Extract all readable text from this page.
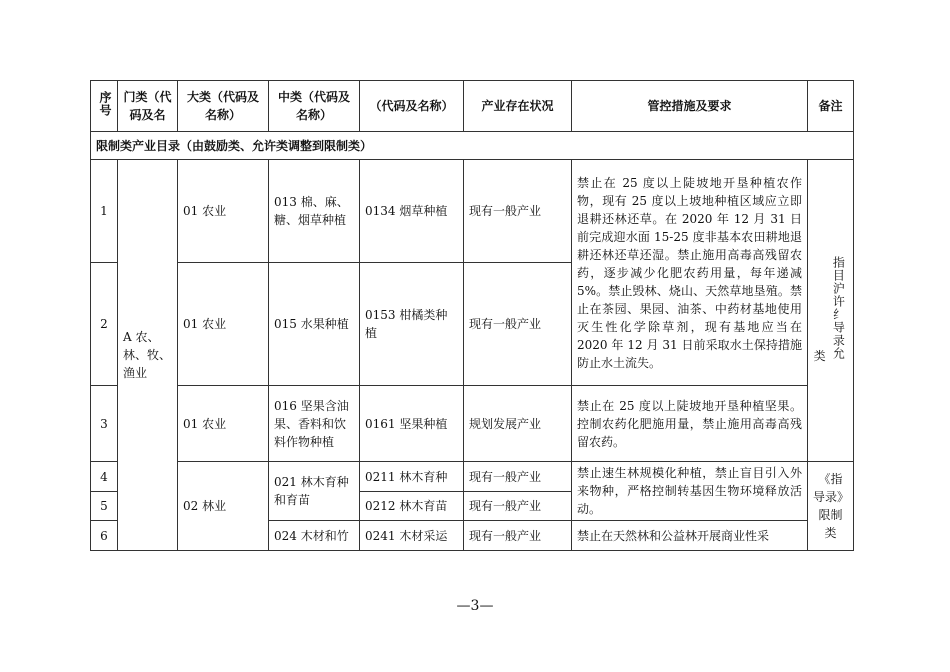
序号	门类（代码及名	大类（代码及名称）	中类（代码及名称）	（代码及名称）	产业存在状况	管控措施及要求	备注
限制类产业目录（由鼓励类、允许类调整到限制类）							
1	A 农、林、牧、渔业	01 农业	013 棉、麻、糖、烟草种植	0134 烟草种植	现有一般产业	禁止在 25 度以上陡坡地开垦种植农作物，现有 25 度以上坡地种植区域应立即退耕还林还草。在 2020 年 12 月 31 日前完成迎水面 15-25 度非基本农田耕地退耕还林还草还湿。禁止施用高毒高残留农药，逐步减少化肥农药用量，每年递减 5%。禁止毁林、烧山、天然草地垦殖。禁止在茶园、果园、油茶、中药材基地使用灭生性化学除草剂，现有基地应当在 2020 年 12 月 31 日前采取水土保持措施防止水土流失。	类 指目沪许纟导录允
2		01 农业	015 水果种植	0153 柑橘类种植	现有一般产业		
3		01 农业	016 坚果含油果、香料和饮料作物种植	0161 坚果种植	规划发展产业	禁止在 25 度以上陡坡地开垦种植坚果。控制农药化肥施用量，禁止施用高毒高残留农药。	
4		02 林业	021 林木育种和育苗	0211 林木育种	现有一般产业	禁止速生林规模化种植，禁止盲目引入外来物种，严格控制转基因生物环境释放活动。	《指导录》
限制类

5				0212 林木育苗	现有一般产业		
6			024 木材和竹	0241 木材采运	现有一般产业	禁止在天然林和公益林开展商业性采	
—3—
